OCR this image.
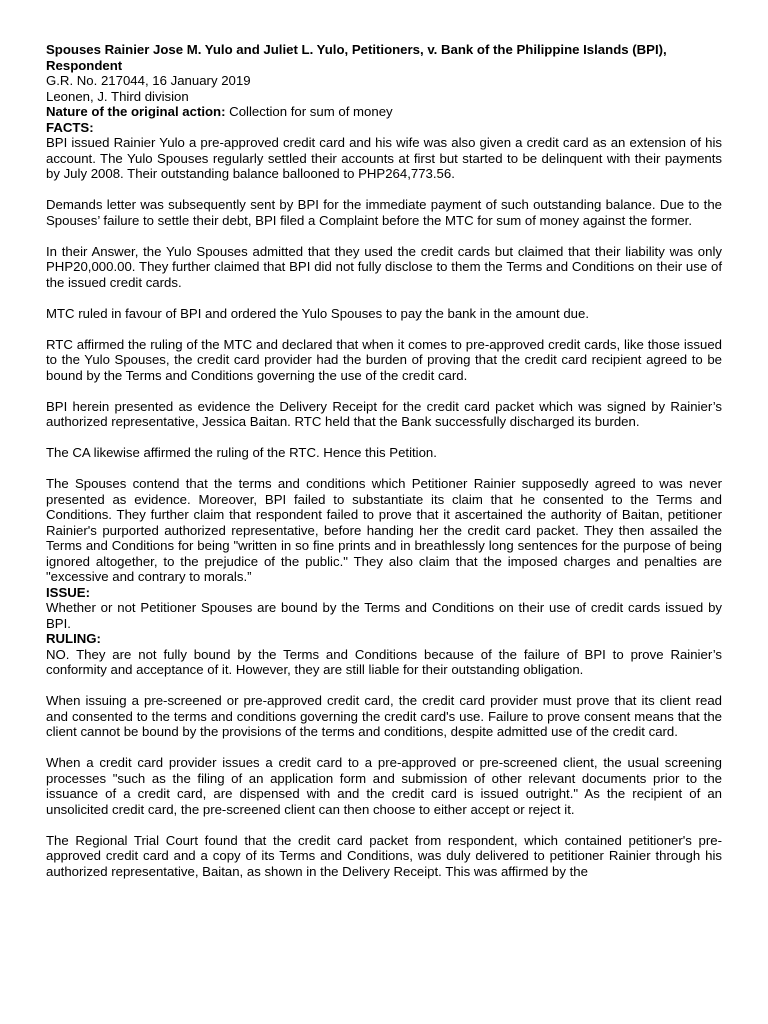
Spouses Rainier Jose M. Yulo and Juliet L. Yulo, Petitioners, v. Bank of the Philippine Islands (BPI), Respondent

G.R. No. 217044, 16 January 2019

Leonen, J. Third division

Nature of the original action: Collection for sum of money

FACTS:

BPI issued Rainier Yulo a pre-approved credit card and his wife was also given a credit card as an extension of his account. The Yulo Spouses regularly settled their accounts at first but started to be delinquent with their payments by July 2008. Their outstanding balance ballooned to PHP264,773.56.

Demands letter was subsequently sent by BPI for the immediate payment of such outstanding balance. Due to the Spouses’ failure to settle their debt, BPI filed a Complaint before the MTC for sum of money against the former.

In their Answer, the Yulo Spouses admitted that they used the credit cards but claimed that their liability was only PHP20,000.00. They further claimed that BPI did not fully disclose to them the Terms and Conditions on their use of the issued credit cards.

MTC ruled in favour of BPI and ordered the Yulo Spouses to pay the bank in the amount due.

RTC affirmed the ruling of the MTC and declared that when it comes to pre-approved credit cards, like those issued to the Yulo Spouses, the credit card provider had the burden of proving that the credit card recipient agreed to be bound by the Terms and Conditions governing the use of the credit card.

BPI herein presented as evidence the Delivery Receipt for the credit card packet which was signed by Rainier’s authorized representative, Jessica Baitan. RTC held that the Bank successfully discharged its burden.

The CA likewise affirmed the ruling of the RTC. Hence this Petition.

The Spouses contend that the terms and conditions which Petitioner Rainier supposedly agreed to was never presented as evidence. Moreover, BPI failed to substantiate its claim that he consented to the Terms and Conditions. They further claim that respondent failed to prove that it ascertained the authority of Baitan, petitioner Rainier's purported authorized representative, before handing her the credit card packet. They then assailed the Terms and Conditions for being "written in so fine prints and in breathlessly long sentences for the purpose of being ignored altogether, to the prejudice of the public." They also claim that the imposed charges and penalties are "excessive and contrary to morals.”

ISSUE:

Whether or not Petitioner Spouses are bound by the Terms and Conditions on their use of credit cards issued by BPI.

RULING:

NO. They are not fully bound by the Terms and Conditions because of the failure of BPI to prove Rainier’s conformity and acceptance of it. However, they are still liable for their outstanding obligation.

When issuing a pre-screened or pre-approved credit card, the credit card provider must prove that its client read and consented to the terms and conditions governing the credit card's use. Failure to prove consent means that the client cannot be bound by the provisions of the terms and conditions, despite admitted use of the credit card.

When a credit card provider issues a credit card to a pre-approved or pre-screened client, the usual screening processes "such as the filing of an application form and submission of other relevant documents prior to the issuance of a credit card, are dispensed with and the credit card is issued outright." As the recipient of an unsolicited credit card, the pre-screened client can then choose to either accept or reject it.

The Regional Trial Court found that the credit card packet from respondent, which contained petitioner's pre-approved credit card and a copy of its Terms and Conditions, was duly delivered to petitioner Rainier through his authorized representative, Baitan, as shown in the Delivery Receipt. This was affirmed by the
